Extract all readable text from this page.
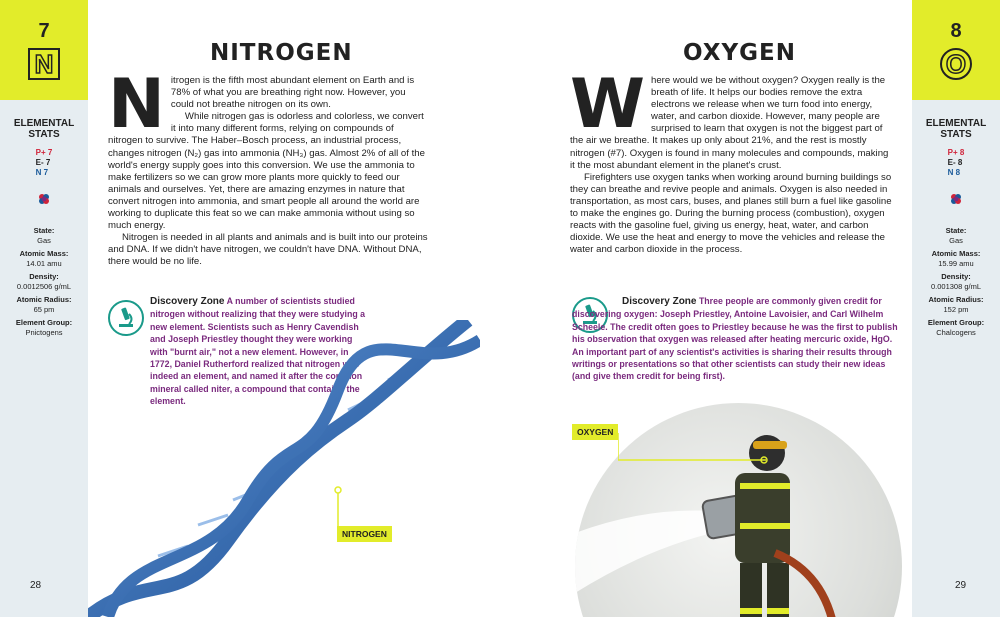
7
N
ELEMENTAL STATS
P+ 7
E- 7
N 7
State:
Gas
Atomic Mass:
14.01 amu
Density:
0.0012506 g/mL
Atomic Radius:
65 pm
Element Group:
Pnictogens
28
8
O
ELEMENTAL STATS
P+ 8
E- 8
N 8
State:
Gas
Atomic Mass:
15.99 amu
Density:
0.001308 g/mL
Atomic Radius:
152 pm
Element Group:
Chalcogens
29
NITROGEN

Nitrogen is the fifth most abundant element on Earth and is 78% of what you are breathing right now. However, you could not breathe nitrogen on its own.

While nitrogen gas is odorless and colorless, we convert it into many different forms, relying on compounds of nitrogen to survive. The Haber–Bosch process, an industrial process, changes nitrogen (N₂) gas into ammonia (NH₃) gas. Almost 2% of all of the world's energy supply goes into this conversion. We use the ammonia to make fertilizers so we can grow more plants more quickly to feed our animals and ourselves. Yet, there are amazing enzymes in nature that convert nitrogen into ammonia, and smart people all around the world are working to duplicate this feat so we can make ammonia without using so much energy.

Nitrogen is needed in all plants and animals and is built into our proteins and DNA. If we didn't have nitrogen, we couldn't have DNA. Without DNA, there would be no life.

Discovery Zone A number of scientists studied nitrogen without realizing that they were studying a new element. Scientists such as Henry Cavendish and Joseph Priestley thought they were working with "burnt air," not a new element. However, in 1772, Daniel Rutherford realized that nitrogen was indeed an element, and named it after the common mineral called niter, a compound that contains the element.
NITROGEN
OXYGEN

Where would we be without oxygen? Oxygen really is the breath of life. It helps our bodies remove the extra electrons we release when we turn food into energy, water, and carbon dioxide. However, many people are surprised to learn that oxygen is not the biggest part of the air we breathe. It makes up only about 21%, and the rest is mostly nitrogen (#7). Oxygen is found in many molecules and compounds, making it the most abundant element in the planet's crust.

Firefighters use oxygen tanks when working around burning buildings so they can breathe and revive people and animals. Oxygen is also needed in transportation, as most cars, buses, and planes still burn a fuel like gasoline to make the engines go. During the burning process (combustion), oxygen reacts with the gasoline fuel, giving us energy, heat, water, and carbon dioxide. We use the heat and energy to move the vehicles and release the water and carbon dioxide in the process.

Discovery Zone Three people are commonly given credit for discovering oxygen: Joseph Priestley, Antoine Lavoisier, and Carl Wilhelm Scheele. The credit often goes to Priestley because he was the first to publish his observation that oxygen was released after heating mercuric oxide, HgO. An important part of any scientist's activities is sharing their results through writings or presentations so that other scientists can study their new ideas (and give them credit for being first).
OXYGEN
